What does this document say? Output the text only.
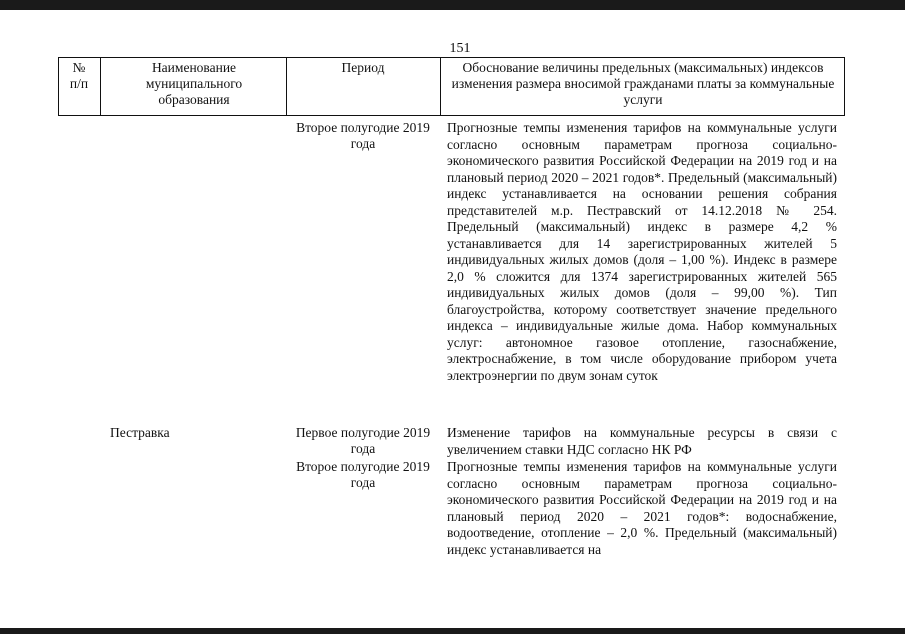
151
№
п/п
Наименование муниципального образования
Период	Обоснование величины предельных (максимальных) индексов изменения размера вносимой гражданами платы за коммунальные услуги
Второе полугодие 2019 года
Прогнозные темпы изменения тарифов на коммунальные услуги согласно основным параметрам прогноза социально-экономического развития Российской Федерации на 2019 год и на плановый период 2020 – 2021 годов*. Предельный (максимальный) индекс устанавливается на основании решения собрания представителей м.р. Пестравский от 14.12.2018 № 254. Предельный (максимальный) индекс в размере 4,2 % устанавливается для 14 зарегистрированных жителей 5 индивидуальных жилых домов (доля – 1,00 %). Индекс в размере 2,0 % сложится для 1374 зарегистрированных жителей 565 индивидуальных жилых домов (доля – 99,00 %). Тип благоустройства, которому соответствует значение предельного индекса – индивидуальные жилые дома. Набор коммунальных услуг: автономное газовое отопление, газоснабжение, электроснабжение, в том числе оборудование прибором учета электроэнергии по двум зонам суток
Пестравка	Первое полугодие 2019 года
Изменение тарифов на коммунальные ресурсы в связи с увеличением ставки НДС согласно НК РФ
Второе полугодие 2019 года
Прогнозные темпы изменения тарифов на коммунальные услуги согласно основным параметрам прогноза социально-экономического развития Российской Федерации на 2019 год и на плановый период 2020 – 2021 годов*: водоснабжение, водоотведение, отопление – 2,0 %. Предельный (максимальный) индекс устанавливается на
